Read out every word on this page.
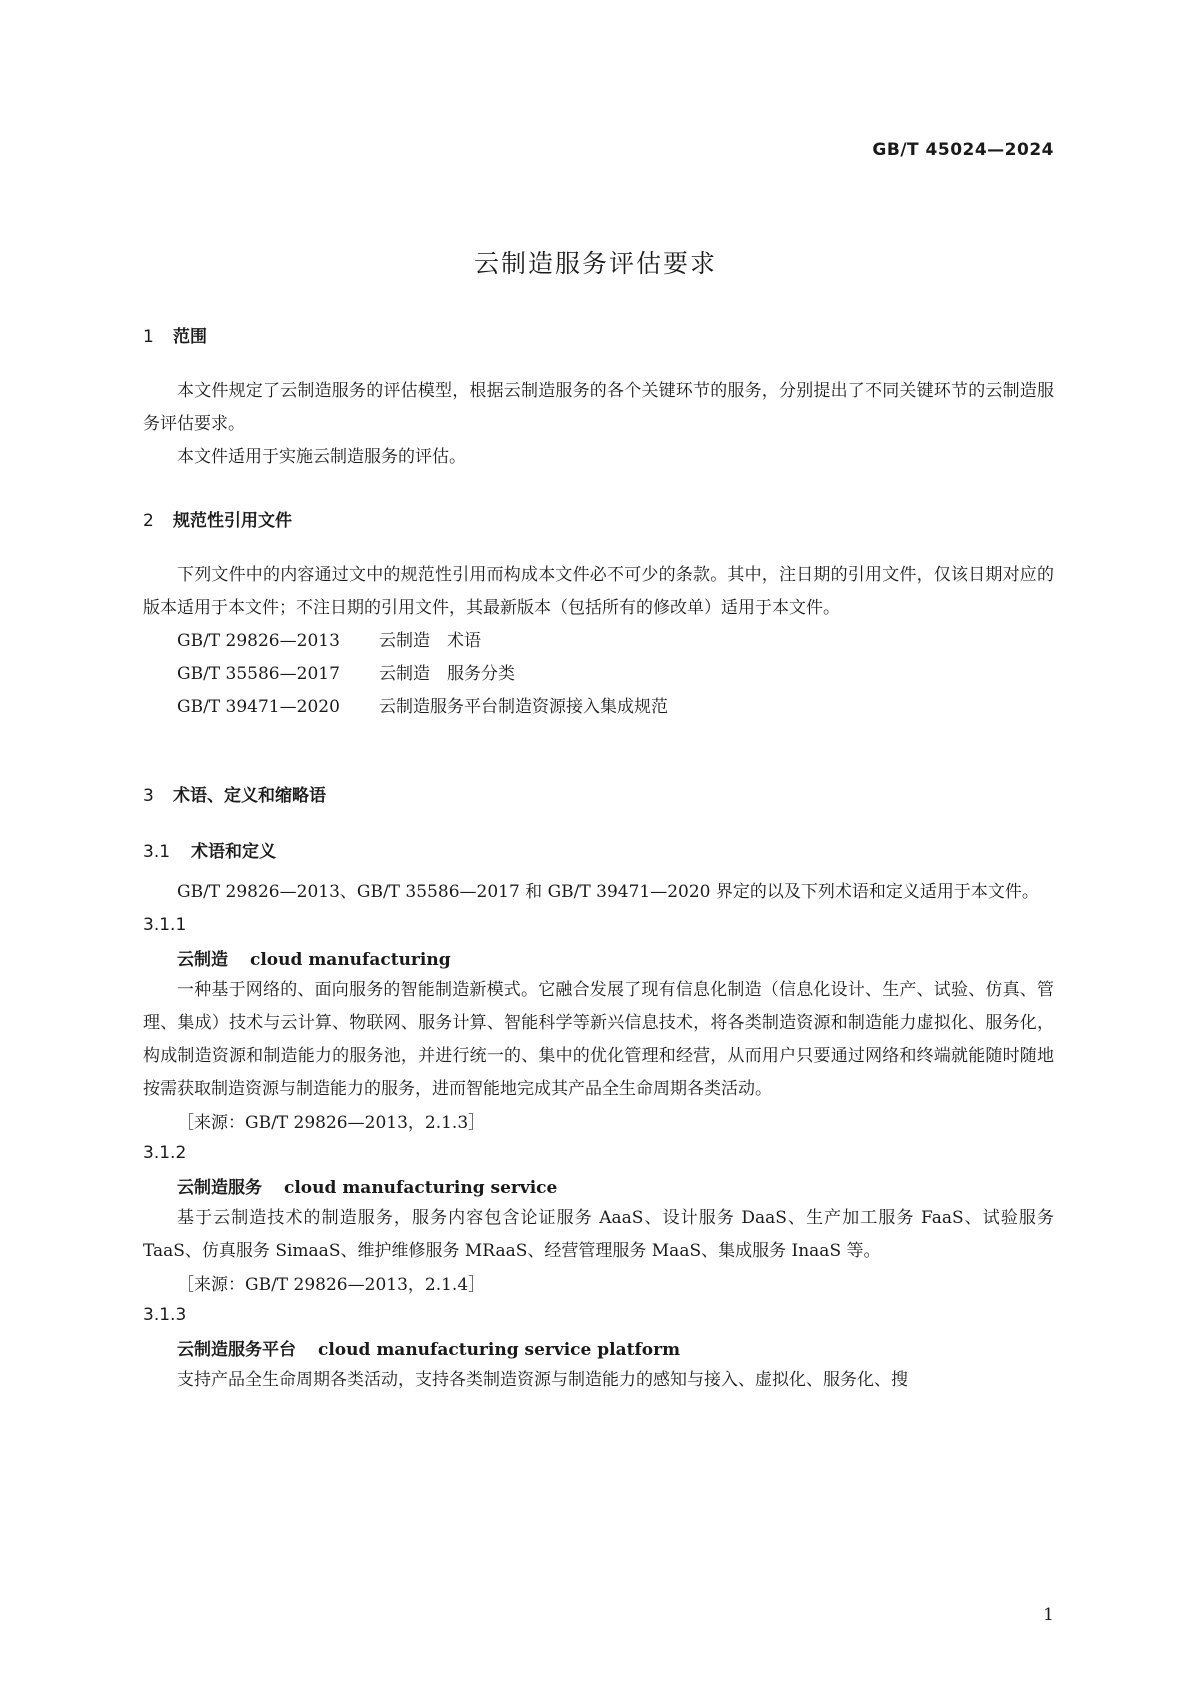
GB/T 45024—2024
云制造服务评估要求
1 范围

本文件规定了云制造服务的评估模型，根据云制造服务的各个关键环节的服务，分别提出了不同关键环节的云制造服务评估要求。

本文件适用于实施云制造服务的评估。

2 规范性引用文件

下列文件中的内容通过文中的规范性引用而构成本文件必不可少的条款。其中，注日期的引用文件，仅该日期对应的版本适用于本文件；不注日期的引用文件，其最新版本（包括所有的修改单）适用于本文件。

GB/T 29826—2013 云制造　术语
GB/T 35586—2017 云制造　服务分类
GB/T 39471—2020 云制造服务平台制造资源接入集成规范
3 术语、定义和缩略语
3.1 术语和定义

GB/T 29826—2013、GB/T 35586—2017 和 GB/T 39471—2020 界定的以及下列术语和定义适用于本文件。

3.1.1
云制造 cloud manufacturing

一种基于网络的、面向服务的智能制造新模式。它融合发展了现有信息化制造（信息化设计、生产、试验、仿真、管理、集成）技术与云计算、物联网、服务计算、智能科学等新兴信息技术，将各类制造资源和制造能力虚拟化、服务化，构成制造资源和制造能力的服务池，并进行统一的、集中的优化管理和经营，从而用户只要通过网络和终端就能随时随地按需获取制造资源与制造能力的服务，进而智能地完成其产品全生命周期各类活动。

［来源：GB/T 29826—2013，2.1.3］
3.1.2
云制造服务 cloud manufacturing service

基于云制造技术的制造服务，服务内容包含论证服务 AaaS、设计服务 DaaS、生产加工服务 FaaS、试验服务 TaaS、仿真服务 SimaaS、维护维修服务 MRaaS、经营管理服务 MaaS、集成服务 InaaS 等。

［来源：GB/T 29826—2013，2.1.4］
3.1.3
云制造服务平台 cloud manufacturing service platform

支持产品全生命周期各类活动，支持各类制造资源与制造能力的感知与接入、虚拟化、服务化、搜

1
